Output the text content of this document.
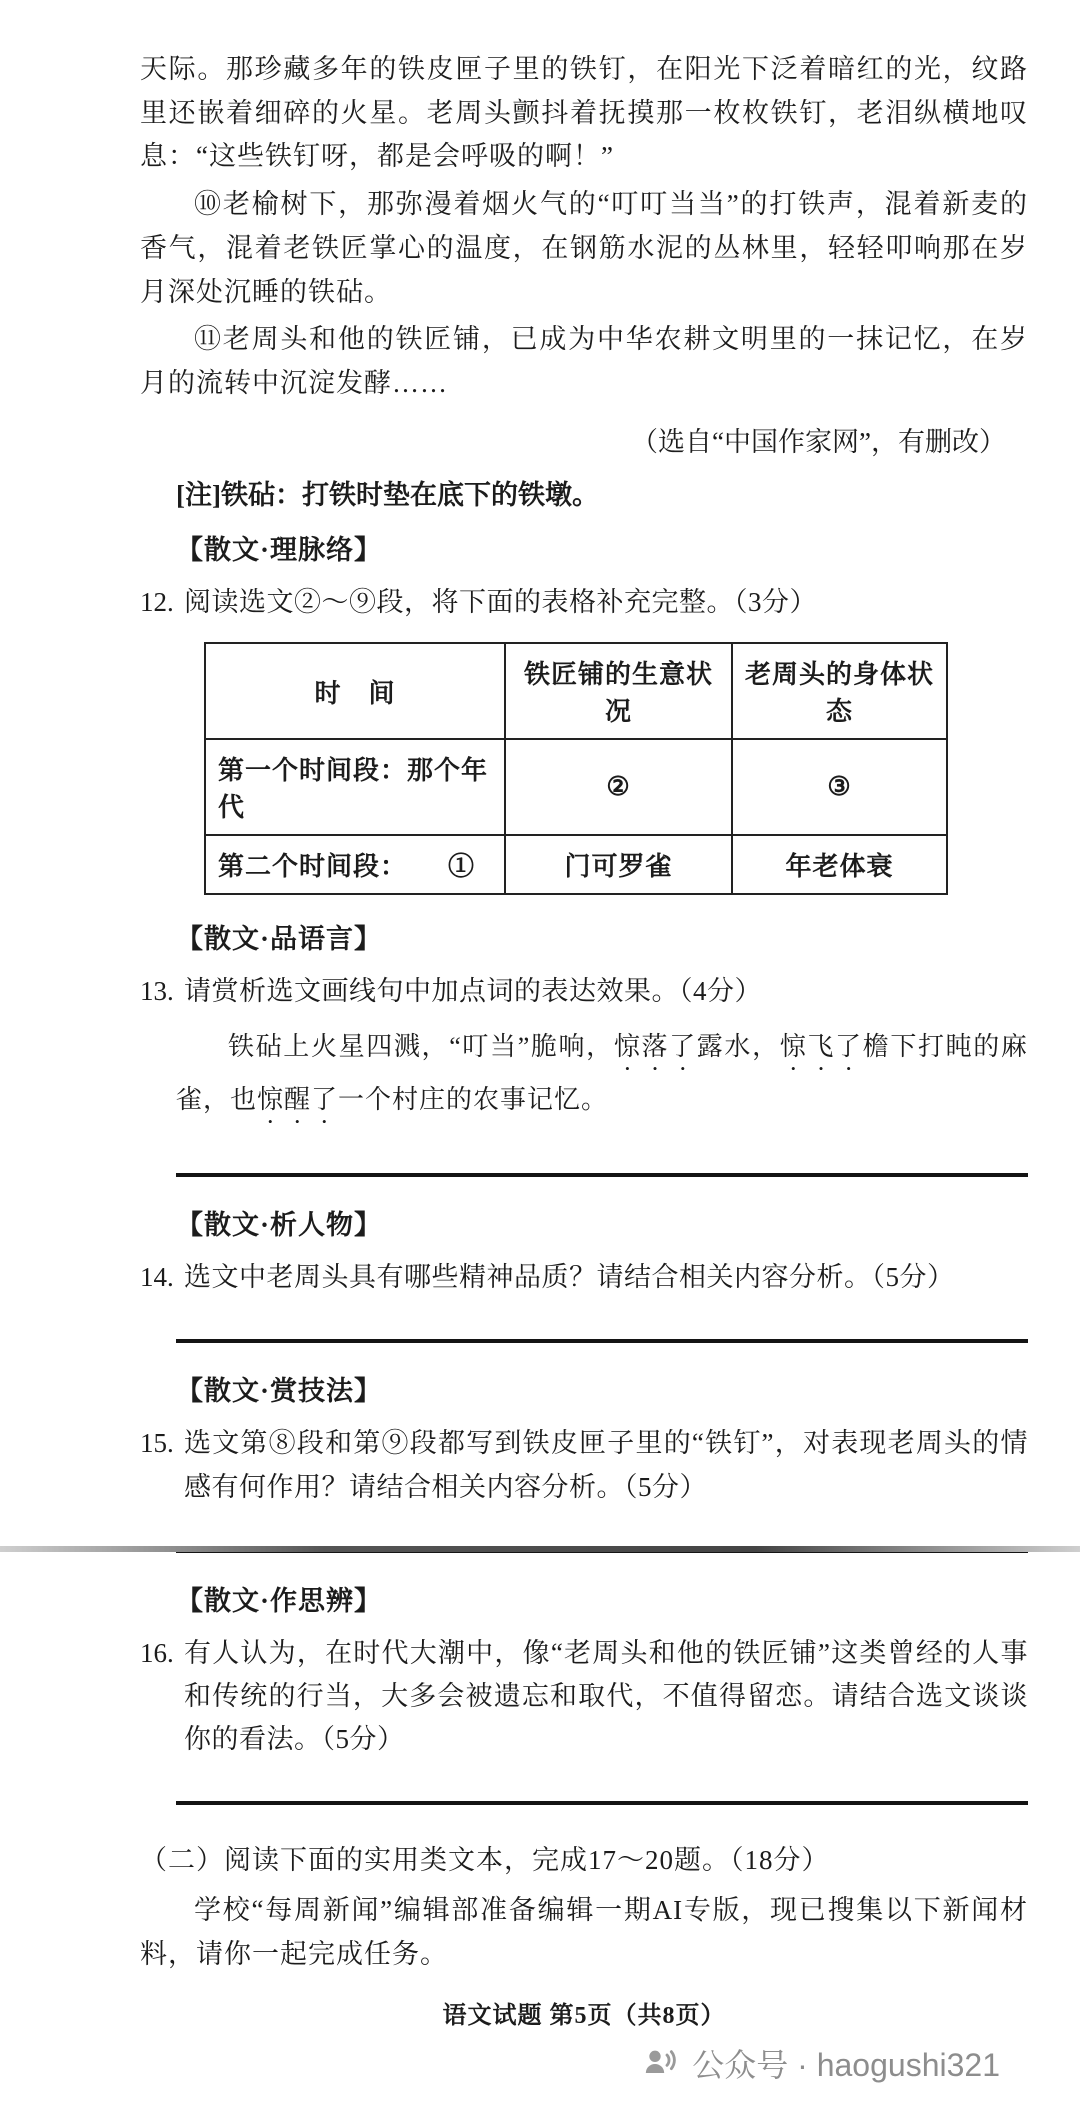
天际。那珍藏多年的铁皮匣子里的铁钉，在阳光下泛着暗红的光，纹路里还嵌着细碎的火星。老周头颤抖着抚摸那一枚枚铁钉，老泪纵横地叹息：“这些铁钉呀，都是会呼吸的啊！”

⑩老榆树下，那弥漫着烟火气的“叮叮当当”的打铁声，混着新麦的香气，混着老铁匠掌心的温度，在钢筋水泥的丛林里，轻轻叩响那在岁月深处沉睡的铁砧。

⑪老周头和他的铁匠铺，已成为中华农耕文明里的一抹记忆，在岁月的流转中沉淀发酵……

（选自“中国作家网”，有删改）

[注]铁砧：打铁时垫在底下的铁墩。

【散文·理脉络】

12. 阅读选文②～⑨段，将下面的表格补充完整。（3分）
时　间	铁匠铺的生意状况	老周头的身体状态
第一个时间段：那个年代	②	③
第二个时间段：　　①	门可罗雀	年老体衰

【散文·品语言】

13. 请赏析选文画线句中加点词的表达效果。（4分）

铁砧上火星四溅，“叮当”脆响，惊落了露水，惊飞了檐下打盹的麻雀，也惊醒了一个村庄的农事记忆。

【散文·析人物】

14. 选文中老周头具有哪些精神品质？请结合相关内容分析。（5分）

【散文·赏技法】

15. 选文第⑧段和第⑨段都写到铁皮匣子里的“铁钉”，对表现老周头的情感有何作用？请结合相关内容分析。（5分）

【散文·作思辨】

16. 有人认为，在时代大潮中，像“老周头和他的铁匠铺”这类曾经的人事和传统的行当，大多会被遗忘和取代，不值得留恋。请结合选文谈谈你的看法。（5分）

（二）阅读下面的实用类文本，完成17～20题。（18分）

学校“每周新闻”编辑部准备编辑一期AI专版，现已搜集以下新闻材料，请你一起完成任务。

语文试题 第5页（共8页）

公众号 · haogushi321
